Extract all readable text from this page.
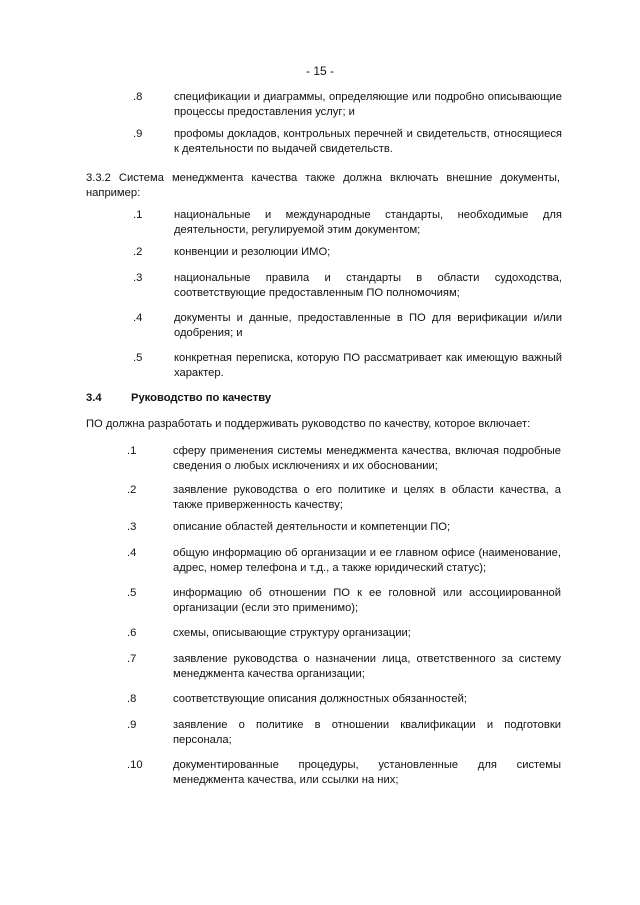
- 15 -
.8	спецификации и диаграммы, определяющие или подробно описывающие процессы предоставления услуг; и
.9	профомы докладов, контрольных перечней и свидетельств, относящиеся к деятельности по выдачей свидетельств.
3.3.2 Система менеджмента качества также должна включать внешние документы, например:
.1	национальные и международные стандарты, необходимые для деятельности, регулируемой этим документом;
.2	конвенции и резолюции ИМО;
.3	национальные правила и стандарты в области судоходства, соответствующие предоставленным ПО полномочиям;
.4	документы и данные, предоставленные в ПО для верификации и/или одобрения; и
.5	конкретная переписка, которую ПО рассматривает как имеющую важный характер.
3.4	Руководство по качеству
ПО должна разработать и поддерживать руководство по качеству, которое включает:
.1	сферу применения системы менеджмента качества, включая подробные сведения о любых исключениях и их обосновании;
.2	заявление руководства о его политике и целях в области качества, а также приверженность качеству;
.3	описание областей деятельности и компетенции ПО;
.4	общую информацию об организации и ее главном офисе (наименование, адрес, номер телефона и т.д., а также юридический статус);
.5	информацию об отношении ПО к ее головной или ассоциированной организации (если это применимо);
.6	схемы, описывающие структуру организации;
.7	заявление руководства о назначении лица, ответственного за систему менеджмента качества организации;
.8	соответствующие описания должностных обязанностей;
.9	заявление о политике в отношении квалификации и подготовки персонала;
.10	документированные процедуры, установленные для системы менеджмента качества, или ссылки на них;
